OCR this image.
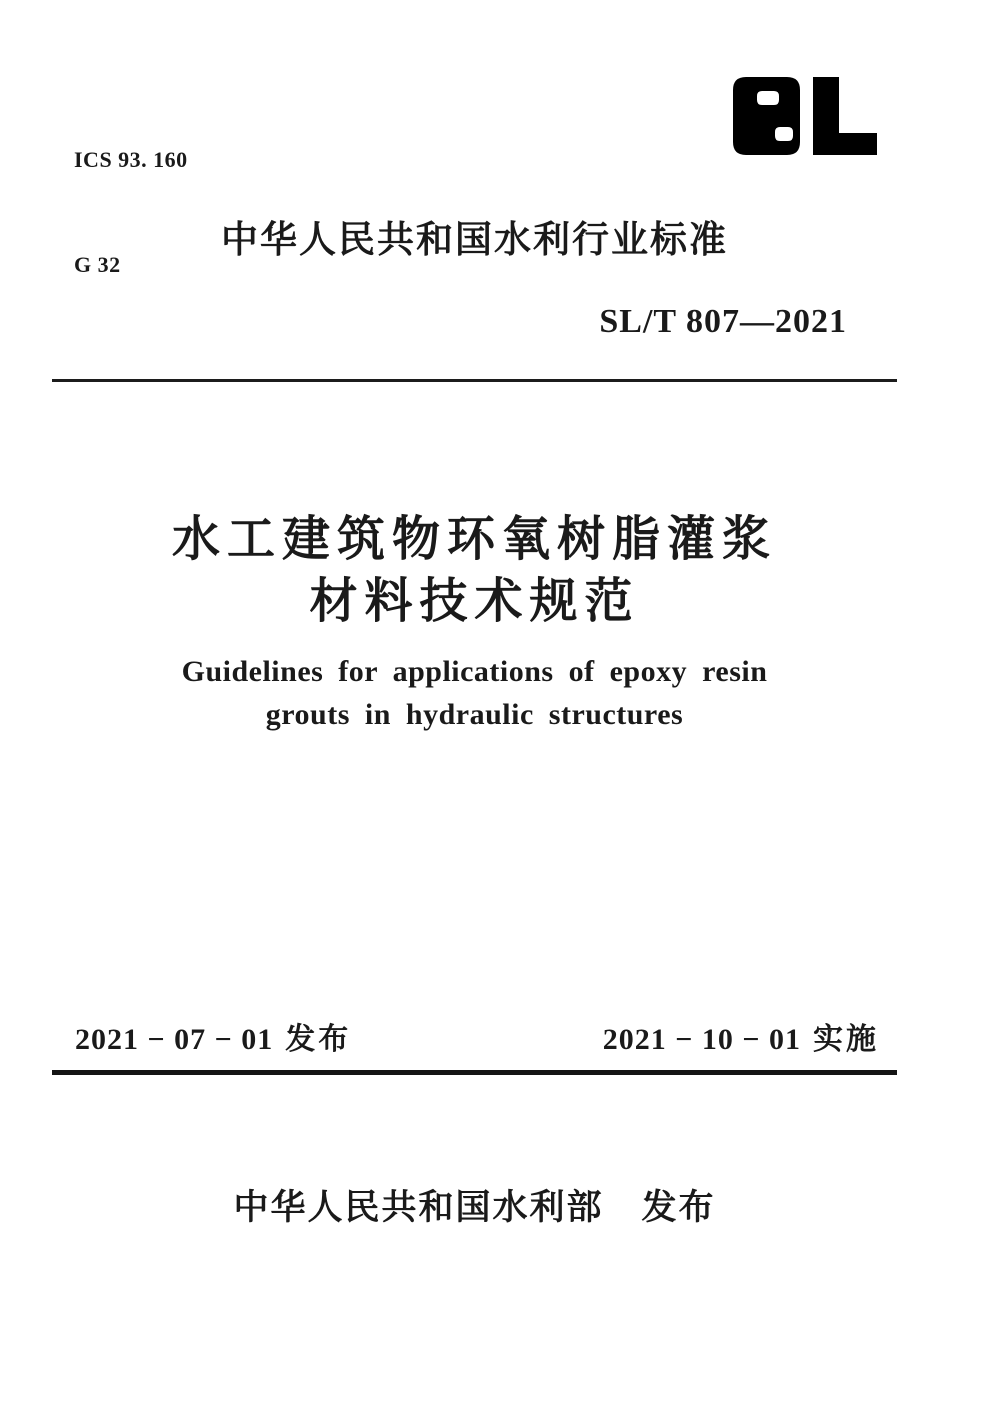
ICS 93. 160

G 32

中华人民共和国水利行业标准
SL/T 807—2021
水工建筑物环氧树脂灌浆
材料技术规范
Guidelines for applications of epoxy resin
grouts in hydraulic structures
2021 − 07 − 01 发布	2021 − 10 − 01 实施
中华人民共和国水利部 发布
